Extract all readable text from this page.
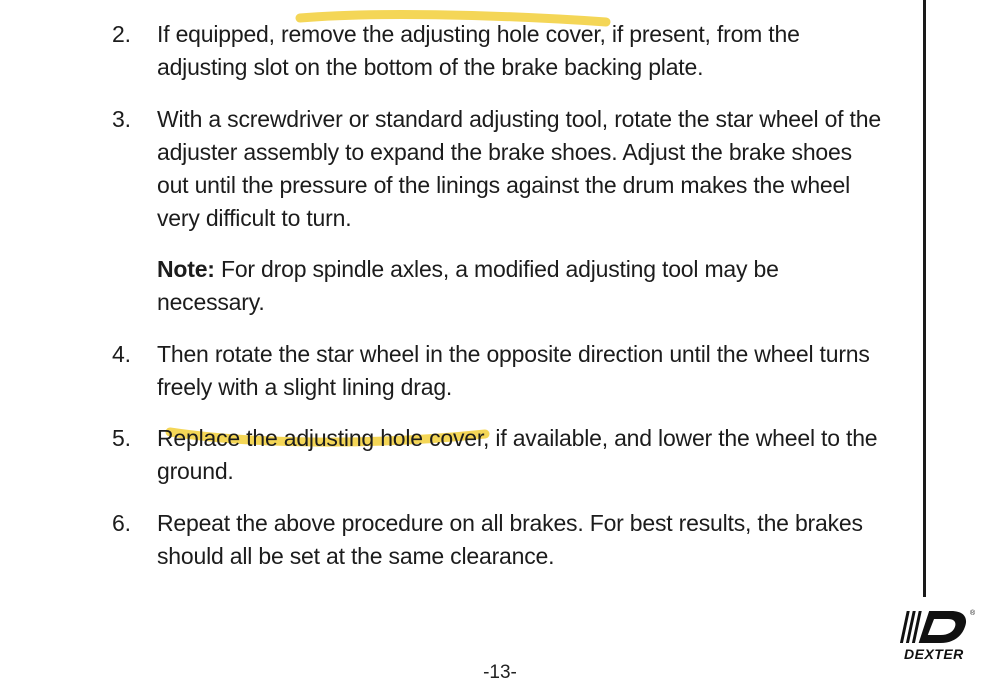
2.	If equipped, remove the adjusting hole cover, if present, from the
adjusting slot on the bottom of the brake backing plate.
3.	With a screwdriver or standard adjusting tool, rotate the star wheel of the
adjuster assembly to expand the brake shoes. Adjust the brake shoes
out until the pressure of the linings against the drum makes the wheel
very difficult to turn.
Note: For drop spindle axles, a modified adjusting tool may be
necessary.
4.	Then rotate the star wheel in the opposite direction until the wheel turns
freely with a slight lining drag.
5.	Replace the adjusting hole cover, if available, and lower the wheel to the
ground.
6.	Repeat the above procedure on all brakes. For best results, the brakes
should all be set at the same clearance.
®
DEXTER
-13-
